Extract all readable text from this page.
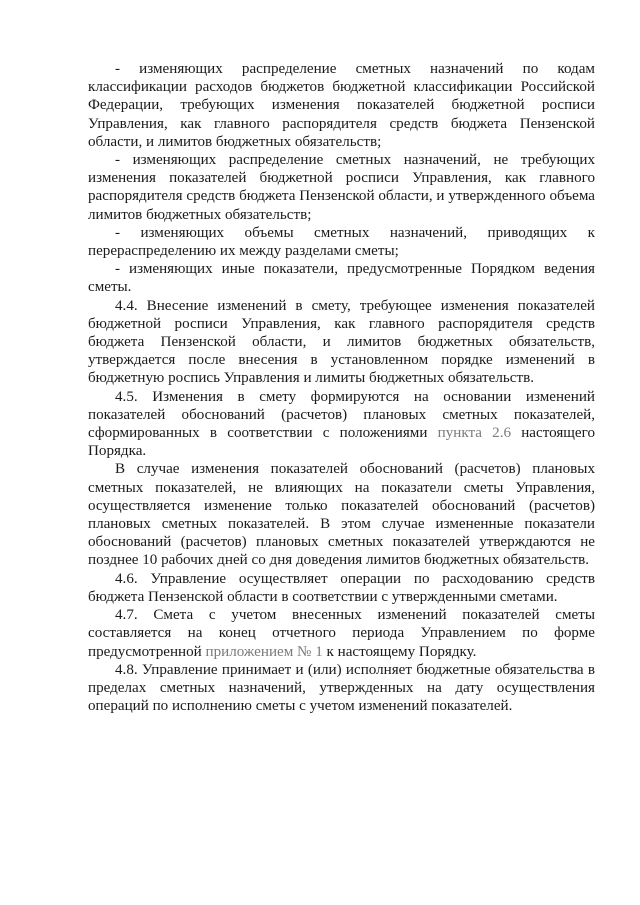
- изменяющих распределение сметных назначений по кодам классификации расходов бюджетов бюджетной классификации Российской Федерации, требующих изменения показателей бюджетной росписи Управления, как главного распорядителя средств бюджета Пензенской области, и лимитов бюджетных обязательств;

- изменяющих распределение сметных назначений, не требующих изменения показателей бюджетной росписи Управления, как главного распорядителя средств бюджета Пензенской области, и утвержденного объема лимитов бюджетных обязательств;

- изменяющих объемы сметных назначений, приводящих к перераспределению их между разделами сметы;

- изменяющих иные показатели, предусмотренные Порядком ведения сметы.

4.4. Внесение изменений в смету, требующее изменения показателей бюджетной росписи Управления, как главного распорядителя средств бюджета Пензенской области, и лимитов бюджетных обязательств, утверждается после внесения в установленном порядке изменений в бюджетную роспись Управления и лимиты бюджетных обязательств.

4.5. Изменения в смету формируются на основании изменений показателей обоснований (расчетов) плановых сметных показателей, сформированных в соответствии с положениями пункта 2.6 настоящего Порядка.

В случае изменения показателей обоснований (расчетов) плановых сметных показателей, не влияющих на показатели сметы Управления, осуществляется изменение только показателей обоснований (расчетов) плановых сметных показателей. В этом случае измененные показатели обоснований (расчетов) плановых сметных показателей утверждаются не позднее 10 рабочих дней со дня доведения лимитов бюджетных обязательств.

4.6. Управление осуществляет операции по расходованию средств бюджета Пензенской области в соответствии с утвержденными сметами.

4.7. Смета с учетом внесенных изменений показателей сметы составляется на конец отчетного периода Управлением по форме предусмотренной приложением № 1 к настоящему Порядку.

4.8. Управление принимает и (или) исполняет бюджетные обязательства в пределах сметных назначений, утвержденных на дату осуществления операций по исполнению сметы с учетом изменений показателей.
